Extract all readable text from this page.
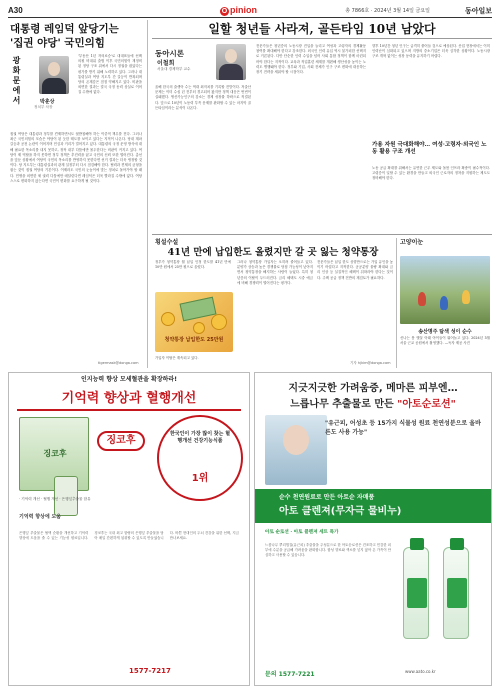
A30	O pinion	총 7866호 · 2024년 3월 14일 금요일	동아일보
대통령 레임덕 앞당기는 '집권 야당' 국민의힘
광화문에서	박훈상
정치부 차장
'부동산 1년 자의료승'로 대대표들에 선택 의원 비대위 출범 이후 국민의힘이 재정비된 정당 구조 위에서 다시 정권을 잡았다는 평가를 받기 위해 노력하고 있다. 그러나 대통령실과 여당 지도부 간 갈등이 반복되며 당의 존재감은 점점 약해지고 있다. 비판을 외면한 결과는 결국 국정 동력 상실로 이어질 수밖에 없다.
집권 여당은 대통령과 정부를 견제하면서도 뒷받침해야 하는 이중적 책무를 진다. 그러나 최근 국민의힘의 모습은 야당이 된 듯한 태도를 보이고 있다는 지적이 나온다. 당내 계파 갈등과 공천 논란이 이어지며 민심과 거리가 멀어지고 있다. 대통령의 국정 운영 방식에 대해 필요한 목소리를 내지 못하고, 정작 내부 다툼에만 몰두한다는 비판이 커지고 있다. 여당이 제 역할을 하지 못하면 정부 정책은 추진력을 잃고 국민의 신뢰 또한 떨어진다. 총선을 앞둔 상황에서 여당이 국민의 목소리를 반영하지 못한다면 선거 결과는 더욱 냉정할 것이다. 당 지도부는 대통령실과의 관계 설정부터 다시 점검해야 한다. 협력과 견제의 균형을 잡는 것이 집권 여당의 기본이다. 이제라도 국민의 눈높이에 맞는 정치로 돌아가야 할 때다. 민생을 외면한 채 권력 다툼에만 매달린다면 레임덕은 더욱 빨라질 수밖에 없다. 여당 스스로 변화하지 않는다면 국민이 변화를 요구하게 될 것이다.
tigermask@donga.com
일할 청년들 사라져, 골든타임 10년 남았다
동아시론
이철희
서울대 경제학부 교수
올해 한국의 출생아 수는 역대 최저치를 기록할 전망이다. 저출산 문제는 이미 수십 년 전부터 경고되어 왔지만 정책 대응은 번번이 실패했다. 생산가능인구의 감소는 경제 성장률 하락으로 직결된다. 앞으로 10년이 노동력 부족 문제를 완화할 수 있는 마지막 골든타임이라는 분석이 나온다.
전문가들은 청년층의 노동시장 진입을 늘리고 여성과 고령자의 경제활동 참여를 확대해야 한다고 강조한다. 외국인 인력 유입 역시 불가피한 선택지로 거론된다. 다만 단순한 인력 수입을 넘어 사회 통합 정책이 함께 마련되어야 한다는 지적이다. 교육과 직업훈련 체계를 개편해 생산성을 높이는 노력도 병행돼야 한다. 정부와 기업, 사회 전체가 인구 구조 변화에 대응하는 장기 전략을 세워야 할 시점이다.
향후 10년간 청년 인구는 급격히 줄어들 것으로 예상된다. 산업 현장에서는 이미 인력난이 심화되고 있으며 지방의 중소기업은 더욱 심각한 상황이다. 노동시장 구조 개혁 없이는 성장 동력을 유지하기 어렵다.
가용 자원 극대화해야… 여성·고령자·외국인 노동 활용 구조 개선
노동 공급 확대를 위해서는 유연한 근무 제도와 돌봄 인프라 확충이 필수적이다. 고령층이 일할 수 있는 환경을 만들고 외국인 근로자의 정착을 지원하는 제도도 정비해야 한다.
횡설수설
41년 만에 납입한도 올렸지만 갈 곳 잃는 청약통장
정부가 청약통장 월 납입 인정 한도를 41년 만에 10만 원에서 25만 원으로 올렸다.
청약통장 납입한도 25만원
가입자 이탈은 계속되고 있다.
그러나 청약통장 가입자는 오히려 줄어들고 있다. 분양가 상승과 높은 경쟁률로 당첨 가능성이 낮아지면서 청약통장을 해지하는 사람이 늘었다. 특히 청년층의 이탈이 두드러진다. 금리 혜택도 시중 예금에 비해 경쟁력이 떨어진다는 평가다.
전문가들은 납입 한도 상향만으로는 가입 유인을 높이기 어렵다고 지적한다. 공공분양 물량 확대와 금리 인상 등 실질적인 혜택이 뒤따라야 한다는 것이다. 주택 공급 정책 전반의 재검토가 필요하다.
기자 hjkim@donga.com
고양이눈
송산명주 탐색 성이 순수
신나는 봄 햇살 아래 아이들이 뛰어놀고 있다. 2024년 3월 서울 근교 공원에서 촬영했다. —독자 제공 사진
인지능력 향상 모세혈관을 확장하라!
기억력 향상과 혈행개선
징코후
징코후
한국인이 가장 많이 찾는 혈행개선 건강기능식품
1위
· 기억력 개선 · 혈행 개선 · 은행잎추출물 함유
기억력 향상에 도움
은행잎 추출물은 혈액 순환을 개선하고 기억력 향상에 도움을 줄 수 있는 기능성 원료입니다. 징코후는 국내 최고 함량의 은행잎 추출물을 담아 매일 간편하게 섭취할 수 있도록 만들었습니다. 바쁜 현대인의 두뇌 건강을 위한 선택, 지금 만나보세요.
1577-7217
지긋지긋한 가려움증, 메마른 피부엔…
느릅나무 추출물로 만든 "아토순로션"
"유근피, 어성초 등 15가지 식물성 원료 천연성분으로 올바른도 사용 가능"
순수 천연원료로 만든 아토순 자매품
아토 클렌져(무자극 물비누)
아토 순로션 · 아토 클렌져 세트 특가
느릅나무 뿌리껍질(유근피) 추출물을 주성분으로 한 아토순로션은 건조하고 민감한 피부에 수분을 공급해 가려움을 완화합니다. 합성 향료와 색소를 넣지 않아 온 가족이 안심하고 사용할 수 있습니다.
문의 1577-7221	www.aato.co.kr
